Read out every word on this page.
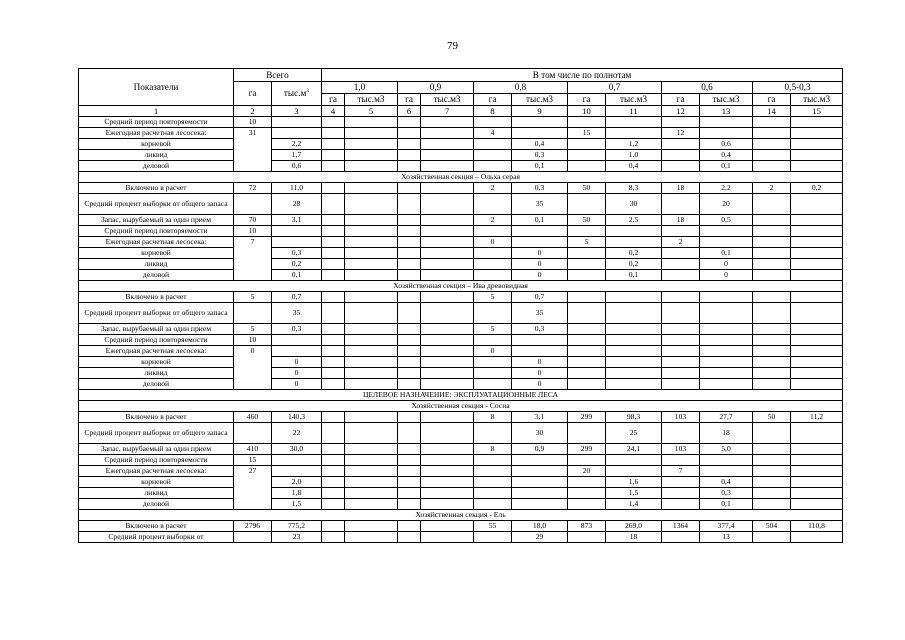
79
Показатели	Всего		В том числе по полнотам											
	га	$тыс.м^3$	1,0		0,9		0,8		0,7		0,6		0,5-0,3	
			га	тыс.м3	га	тыс.м3	га	тыс.м3	га	тыс.м3	га	тыс.м3	га	тыс.м3
1	2	3	4	5	6	7	8	9	10	11	12	13	14	15
Средний период повторяемости	10													
Ежегодная расчетная лесосека:	31						4		15		12			
корневой		2,2						0,4		1,2		0,6		
ликвид		1,7						0,3		1,0		0,4		
деловой		0,6						0,1		0,4		0,1		
Хозяйственная секция – Ольха серая														
Включено в расчет	72	11,0					2	0,3	50	8,3	18	2,2	2	0,2
Средний процент выборки от общего запаса		28						35		30		20		
Запас, вырубаемый за один прием	70	3,1					2	0,1	50	2,5	18	0,5		
Средний период повторяемости	10													
Ежегодная расчетная лесосека:	7						0		5		2			
корневой		0,3						0		0,2		0,1		
ликвид		0,2						0		0,2		0		
деловой		0,1						0		0,1		0		
Хозяйственная секция – Ива древовидная														
Включено в расчет	5	0,7					5	0,7						
Средний процент выборки от общего запаса		35						35						
Запас, вырубаемый за один прием	5	0,3					5	0,3						
Средний период повторяемости	10													
Ежегодная расчетная лесосека:	0						0							
корневой		0						0						
ликвид		0						0						
деловой		0						0						
ЦЕЛЕВОЕ НАЗНАЧЕНИЕ: ЭКСПЛУАТАЦИОННЫЕ ЛЕСА														
Хозяйственная секция - Сосна														
Включено в расчет	460	140,3					8	3,1	299	98,3	103	27,7	50	11,2
Средний процент выборки от общего запаса		22						30		25		18		
Запас, вырубаемый за один прием	410	30,0					8	0,9	299	24,1	103	5,0		
Средний период повторяемости	15													
Ежегодная расчетная лесосека:	27								20		7			
корневой		2,0								1,6		0,4		
ликвид		1,8								1,5		0,3		
деловой		1,5								1,4		0,1		
Хозяйственная секция - Ель														
Включено в расчет	2796	775,2					55	18,0	873	269,0	1364	377,4	504	110,8
Средний процент выборки от		23						29		18		13		
